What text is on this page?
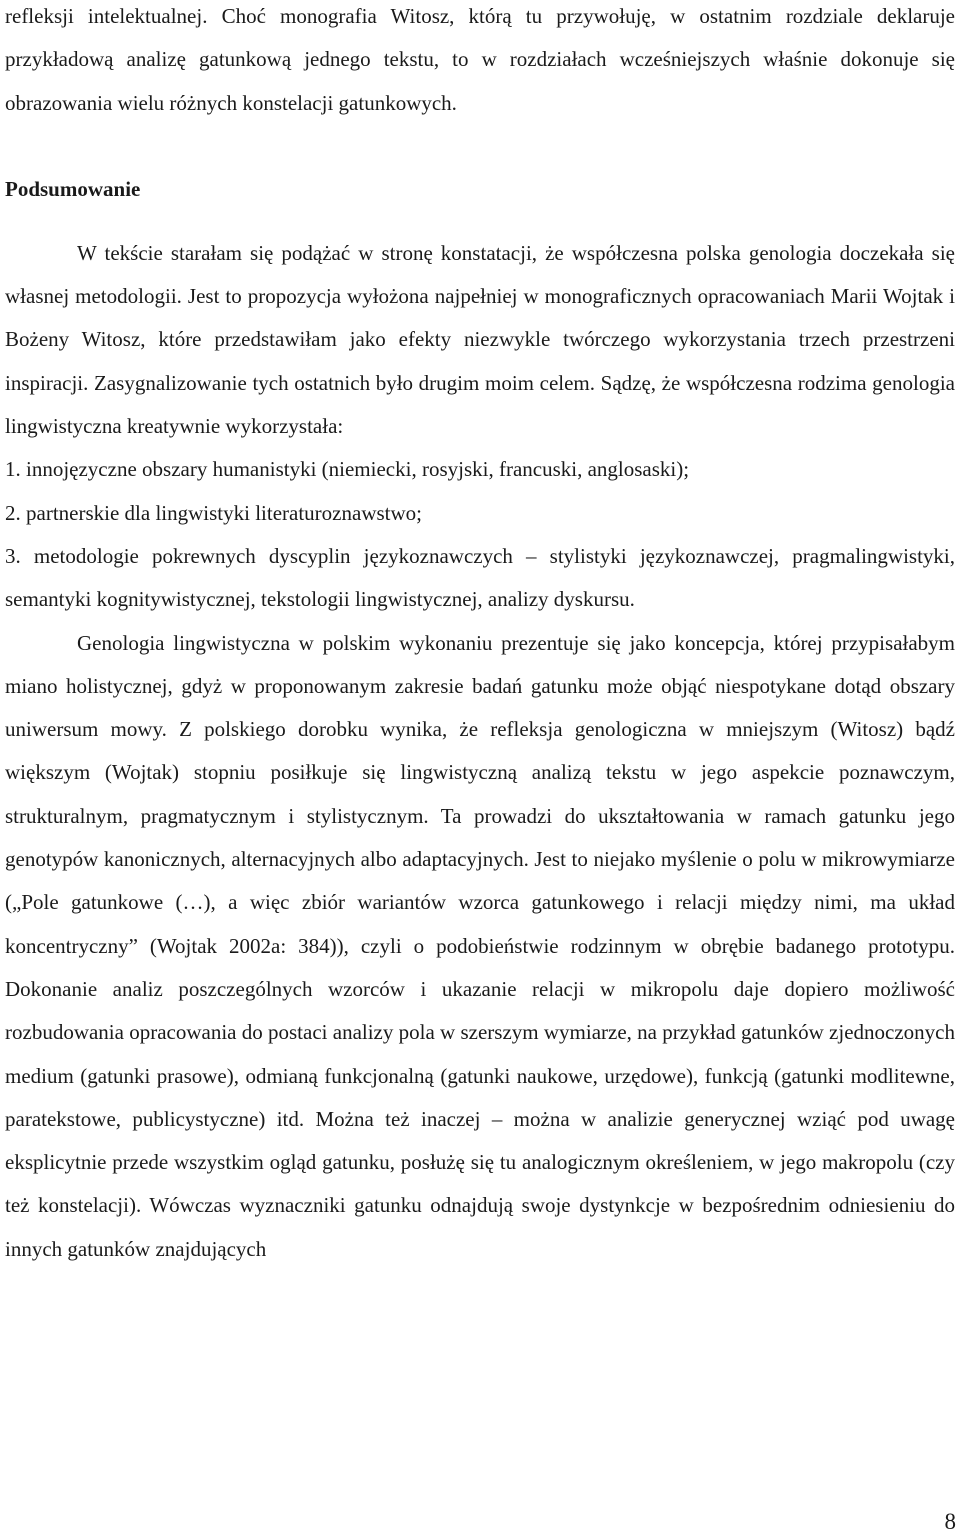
refleksji intelektualnej. Choć monografia Witosz, którą tu przywołuję, w ostatnim rozdziale deklaruje przykładową analizę gatunkową jednego tekstu, to w rozdziałach wcześniejszych właśnie dokonuje się obrazowania wielu różnych konstelacji gatunkowych.

Podsumowanie

W tekście starałam się podążać w stronę konstatacji, że współczesna polska genologia doczekała się własnej metodologii. Jest to propozycja wyłożona najpełniej w monograficznych opracowaniach Marii Wojtak i Bożeny Witosz, które przedstawiłam jako efekty niezwykle twórczego wykorzystania trzech przestrzeni inspiracji. Zasygnalizowanie tych ostatnich było drugim moim celem. Sądzę, że współczesna rodzima genologia lingwistyczna kreatywnie wykorzystała:

1. innojęzyczne obszary humanistyki (niemiecki, rosyjski, francuski, anglosaski);

2. partnerskie dla lingwistyki literaturoznawstwo;

3. metodologie pokrewnych dyscyplin językoznawczych – stylistyki językoznawczej, pragmalingwistyki, semantyki kognitywistycznej, tekstologii lingwistycznej, analizy dyskursu.

Genologia lingwistyczna w polskim wykonaniu prezentuje się jako koncepcja, której przypisałabym miano holistycznej, gdyż w proponowanym zakresie badań gatunku może objąć niespotykane dotąd obszary uniwersum mowy. Z polskiego dorobku wynika, że refleksja genologiczna w mniejszym (Witosz) bądź większym (Wojtak) stopniu posiłkuje się lingwistyczną analizą tekstu w jego aspekcie poznawczym, strukturalnym, pragmatycznym i stylistycznym. Ta prowadzi do ukształtowania w ramach gatunku jego genotypów kanonicznych, alternacyjnych albo adaptacyjnych. Jest to niejako myślenie o polu w mikrowymiarze („Pole gatunkowe (…), a więc zbiór wariantów wzorca gatunkowego i relacji między nimi, ma układ koncentryczny” (Wojtak 2002a: 384)), czyli o podobieństwie rodzinnym w obrębie badanego prototypu. Dokonanie analiz poszczególnych wzorców i ukazanie relacji w mikropolu daje dopiero możliwość rozbudowania opracowania do postaci analizy pola w szerszym wymiarze, na przykład gatunków zjednoczonych medium (gatunki prasowe), odmianą funkcjonalną (gatunki naukowe, urzędowe), funkcją (gatunki modlitewne, paratekstowe, publicystyczne) itd. Można też inaczej – można w analizie generycznej wziąć pod uwagę eksplicytnie przede wszystkim ogląd gatunku, posłużę się tu analogicznym określeniem, w jego makropolu (czy też konstelacji). Wówczas wyznaczniki gatunku odnajdują swoje dystynkcje w bezpośrednim odniesieniu do innych gatunków znajdujących

8
